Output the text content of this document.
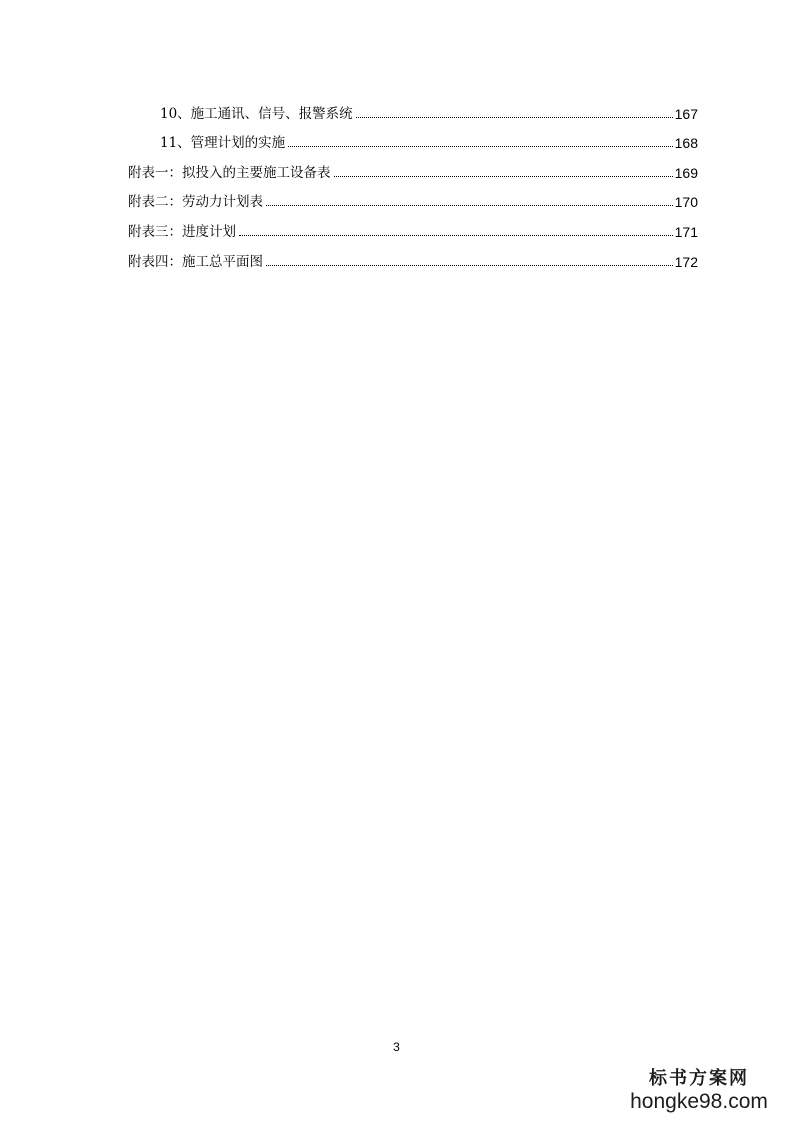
10、施工通讯、信号、报警系统	167
11、管理计划的实施	168
附表一：拟投入的主要施工设备表	169
附表二：劳动力计划表	170
附表三：进度计划	171
附表四：施工总平面图	172
3
标书方案网
hongke98.com
